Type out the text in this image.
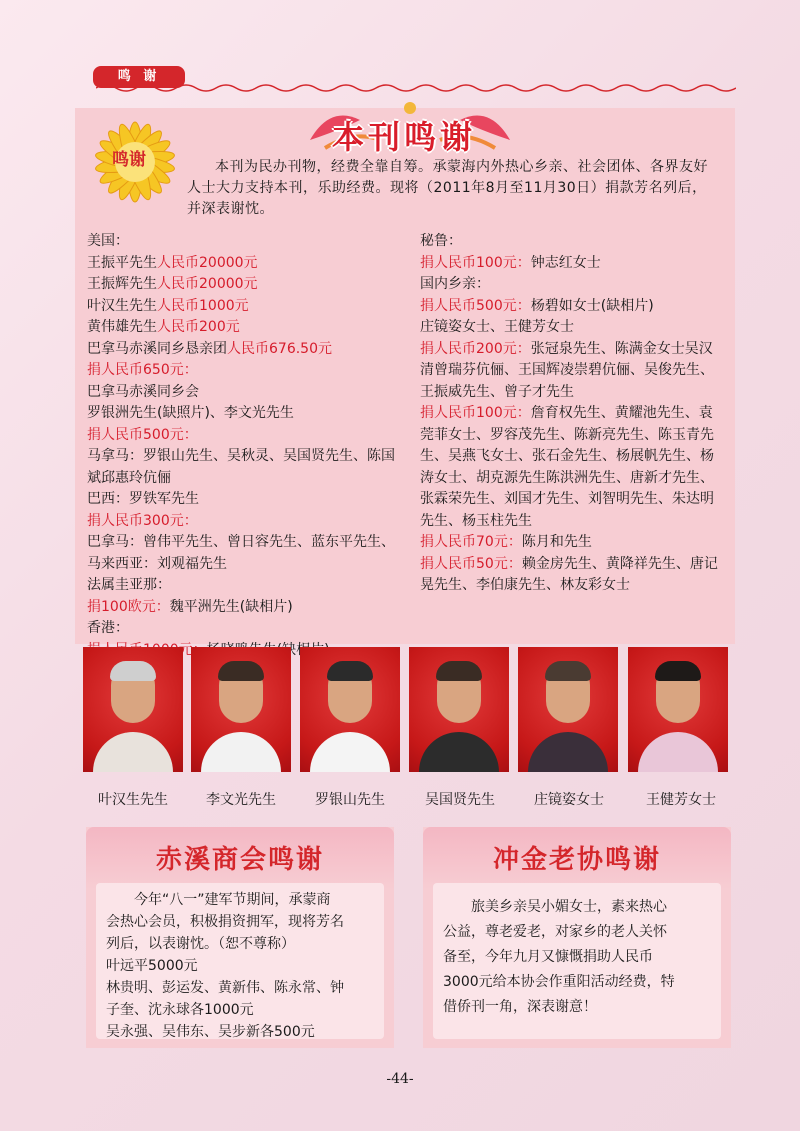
鸣 谢
本刊鸣谢
鸣谢	本刊为民办刊物，经费全靠自筹。承蒙海内外热心乡亲、社会团体、各界友好人士大力支持本刊，乐助经费。现将（2011年8月至11月30日）捐款芳名列后，并深表谢忱。
美国：
王振平先生人民币20000元
王振辉先生人民币20000元
叶汉生先生人民币1000元
黄伟雄先生人民币200元
巴拿马赤溪同乡恳亲团人民币676.50元
捐人民币650元：
巴拿马赤溪同乡会
罗银洲先生(缺照片)、李文光先生
捐人民币500元：
马拿马：罗银山先生、吴秋灵、吴国贤先生、陈国斌邱惠玲伉俪
巴西：罗铁军先生
捐人民币300元：
巴拿马：曾伟平先生、曾日容先生、蓝东平先生、马来西亚：刘观福先生
法属圭亚那：
捐100欧元：魏平洲先生(缺相片)
香港：
秘鲁：
捐人民币100元：钟志红女士
国内乡亲：
捐人民币500元：杨碧如女士(缺相片)
庄镜姿女士、王健芳女士
捐人民币200元：张冠泉先生、陈满金女士吴汉清曾瑞芬伉俪、王国辉凌崇碧伉俪、吴俊先生、王振威先生、曾子才先生
捐人民币100元：詹育权先生、黄耀池先生、袁莞菲女士、罗容茂先生、陈新亮先生、陈玉青先生、吴燕飞女士、张石金先生、杨展帆先生、杨涛女士、胡克源先生陈洪洲先生、唐新才先生、张霖荣先生、刘国才先生、刘智明先生、朱达明先生、杨玉柱先生
捐人民币70元：陈月和先生
捐人民币50元：赖金房先生、黄降祥先生、唐记晃先生、李伯康先生、林友彩女士
叶汉生先生	李文光先生	罗银山先生	吴国贤先生	庄镜姿女士	王健芳女士
赤溪商会鸣谢
今年“八一”建军节期间，承蒙商
会热心会员，积极捐资拥军，现将芳名
列后，以表谢忱。（恕不尊称）
叶远平5000元
林贵明、彭运发、黄新伟、陈永常、钟
子奎、沈永球各1000元
吴永强、吴伟东、吴步新各500元
冲金老协鸣谢
旅美乡亲吴小媚女士，素来热心
公益，尊老爱老，对家乡的老人关怀
备至，今年九月又慷慨捐助人民币
3000元给本协会作重阳活动经费，特
借侨刊一角，深表谢意！
-44-
